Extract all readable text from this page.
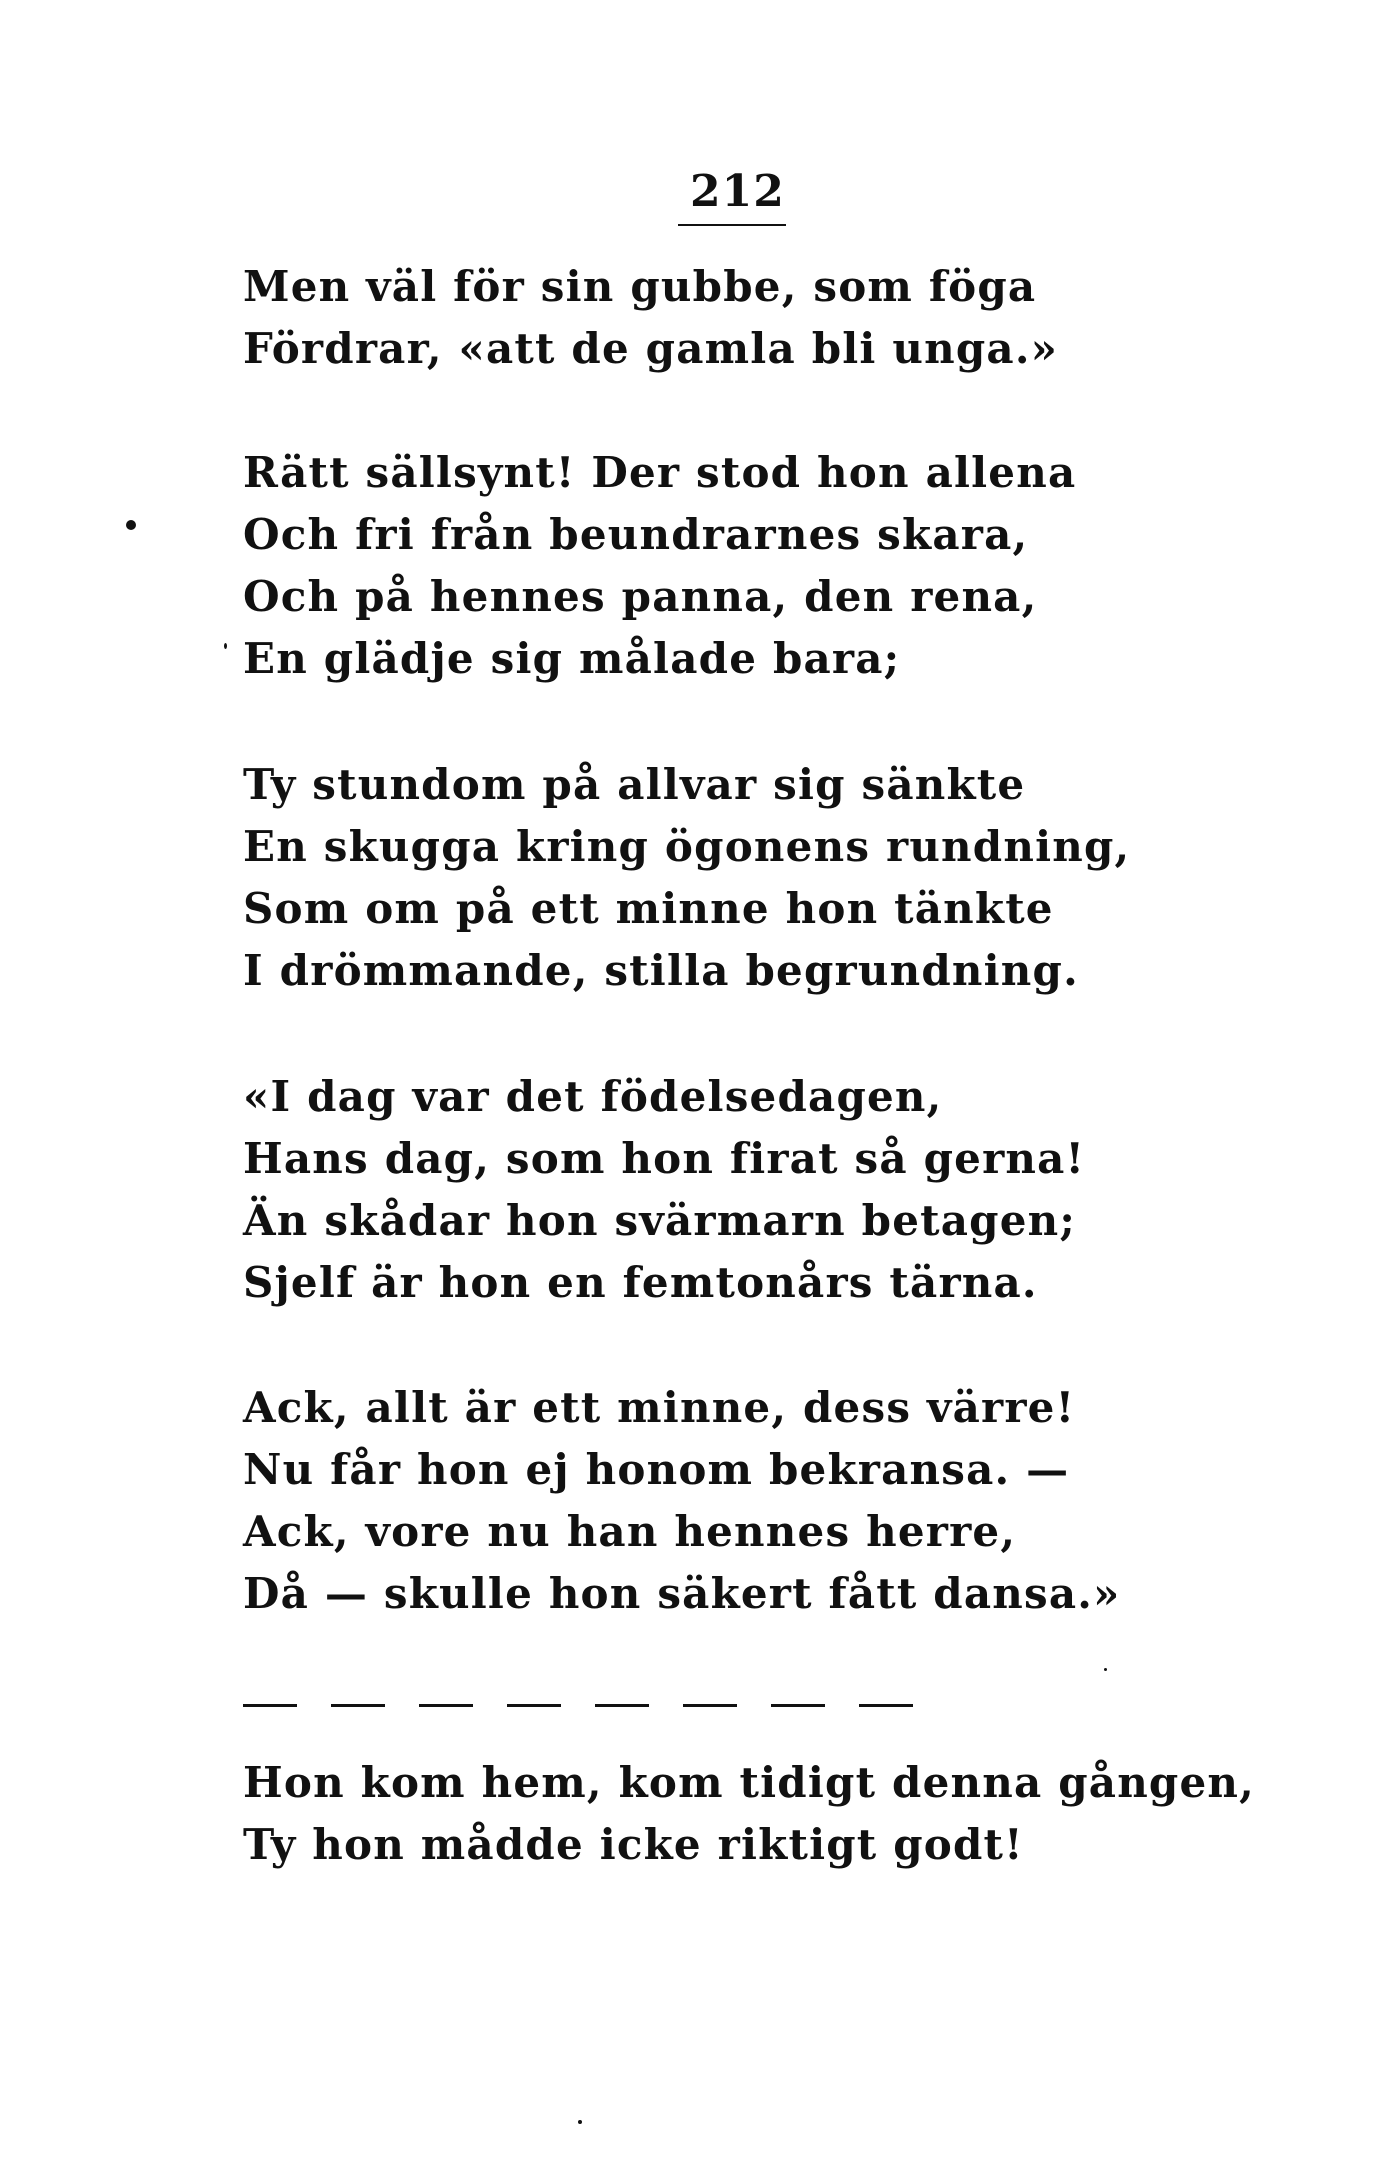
212
Men väl för sin gubbe, som föga
Fördrar, «att de gamla bli unga.»
Rätt sällsynt! Der stod hon allena
Och fri från beundrarnes skara,
Och på hennes panna, den rena,
En glädje sig målade bara;
Ty stundom på allvar sig sänkte
En skugga kring ögonens rundning,
Som om på ett minne hon tänkte
I drömmande, stilla begrundning.
«I dag var det födelsedagen,
Hans dag, som hon firat så gerna!
Än skådar hon svärmarn betagen;
Sjelf är hon en femtonårs tärna.
Ack, allt är ett minne, dess värre!
Nu får hon ej honom bekransa. —
Ack, vore nu han hennes herre,
Då — skulle hon säkert fått dansa.»
Hon kom hem, kom tidigt denna gången,
Ty hon mådde icke riktigt godt!
